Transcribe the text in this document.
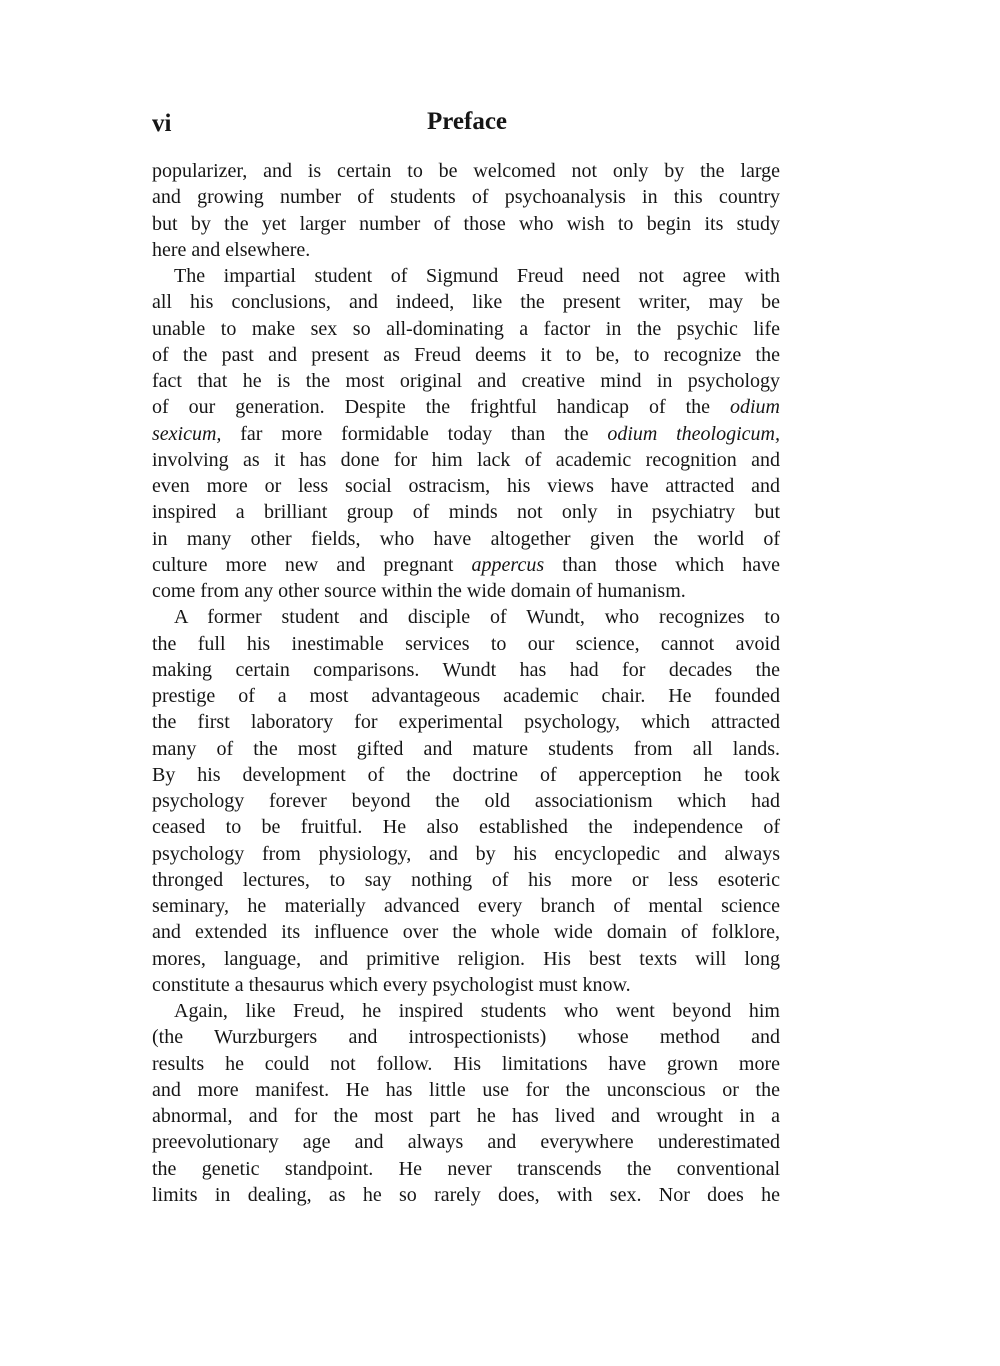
vi	Preface
popularizer, and is certain to be welcomed not only by the large
and growing number of students of psychoanalysis in this country
but by the yet larger number of those who wish to begin its study
here and elsewhere.
The impartial student of Sigmund Freud need not agree with
all his conclusions, and indeed, like the present writer, may be
unable to make sex so all-dominating a factor in the psychic life
of the past and present as Freud deems it to be, to recognize the
fact that he is the most original and creative mind in psychology
of our generation. Despite the frightful handicap of the odium
sexicum, far more formidable today than the odium theologicum,
involving as it has done for him lack of academic recognition and
even more or less social ostracism, his views have attracted and
inspired a brilliant group of minds not only in psychiatry but
in many other fields, who have altogether given the world of
culture more new and pregnant appercus than those which have
come from any other source within the wide domain of humanism.
A former student and disciple of Wundt, who recognizes to
the full his inestimable services to our science, cannot avoid
making certain comparisons. Wundt has had for decades the
prestige of a most advantageous academic chair. He founded
the first laboratory for experimental psychology, which attracted
many of the most gifted and mature students from all lands.
By his development of the doctrine of apperception he took
psychology forever beyond the old associationism which had
ceased to be fruitful. He also established the independence of
psychology from physiology, and by his encyclopedic and always
thronged lectures, to say nothing of his more or less esoteric
seminary, he materially advanced every branch of mental science
and extended its influence over the whole wide domain of folklore,
mores, language, and primitive religion. His best texts will long
constitute a thesaurus which every psychologist must know.
Again, like Freud, he inspired students who went beyond him
(the Wurzburgers and introspectionists) whose method and
results he could not follow. His limitations have grown more
and more manifest. He has little use for the unconscious or the
abnormal, and for the most part he has lived and wrought in a
preevolutionary age and always and everywhere underestimated
the genetic standpoint. He never transcends the conventional
limits in dealing, as he so rarely does, with sex. Nor does he
